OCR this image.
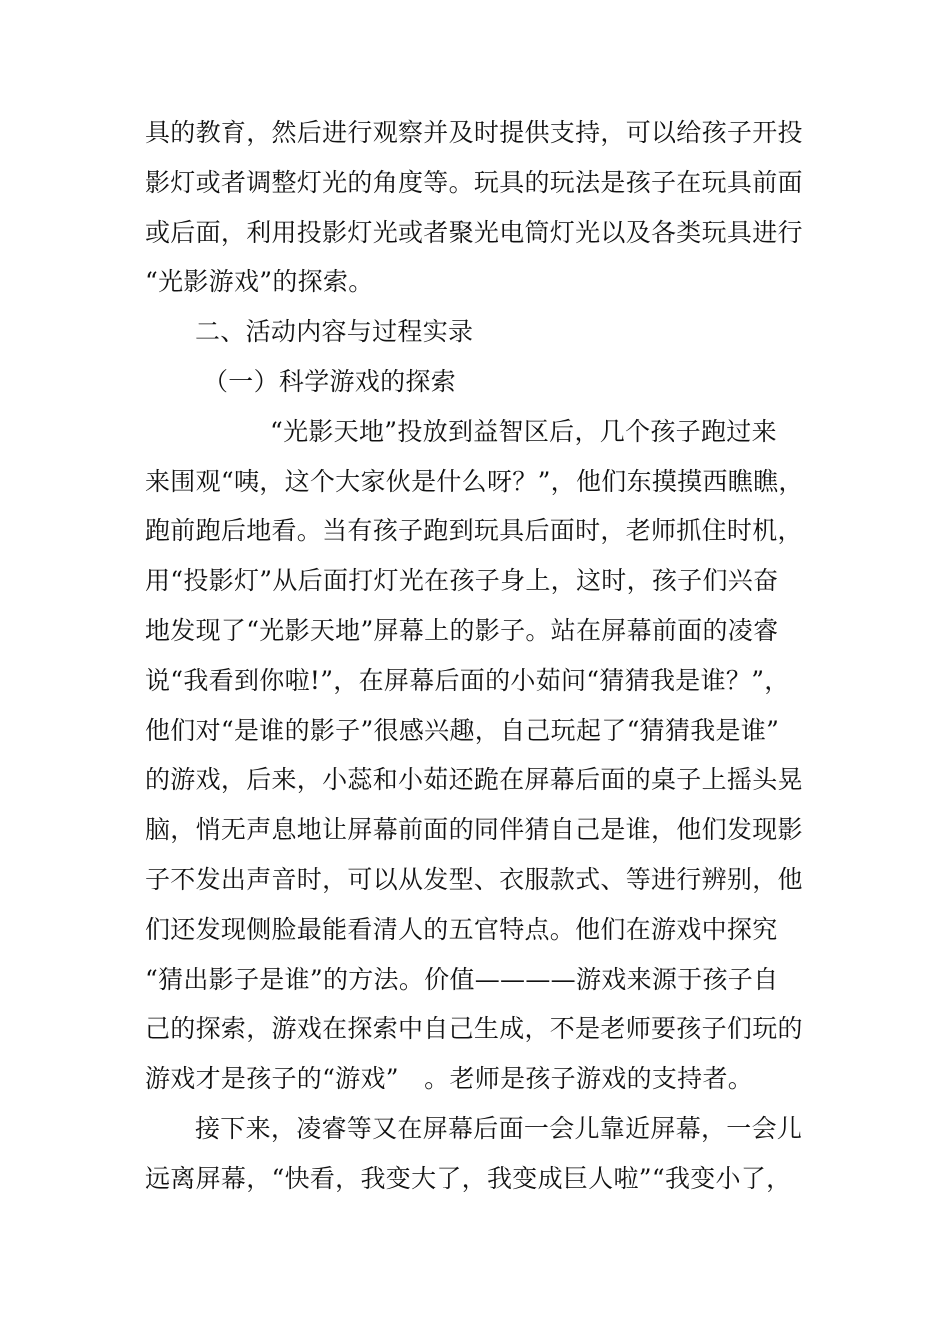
具的教育，然后进行观察并及时提供支持，可以给孩子开投
影灯或者调整灯光的角度等。玩具的玩法是孩子在玩具前面
或后面，利用投影灯光或者聚光电筒灯光以及各类玩具进行
“光影游戏”的探索。
二、活动内容与过程实录
（一）科学游戏的探索
“光影天地”投放到益智区后，几个孩子跑过来
来围观“咦，这个大家伙是什么呀？”，他们东摸摸西瞧瞧，
跑前跑后地看。当有孩子跑到玩具后面时，老师抓住时机，
用“投影灯”从后面打灯光在孩子身上，这时，孩子们兴奋
地发现了“光影天地”屏幕上的影子。站在屏幕前面的凌睿
说“我看到你啦!”，在屏幕后面的小茹问“猜猜我是谁？”，
他们对“是谁的影子”很感兴趣，自己玩起了“猜猜我是谁”
的游戏，后来，小蕊和小茹还跪在屏幕后面的桌子上摇头晃
脑，悄无声息地让屏幕前面的同伴猜自己是谁，他们发现影
子不发出声音时，可以从发型、衣服款式、等进行辨别，他
们还发现侧脸最能看清人的五官特点。他们在游戏中探究
“猜出影子是谁”的方法。价值————游戏来源于孩子自
己的探索，游戏在探索中自己生成，不是老师要孩子们玩的
游戏才是孩子的“游戏”　。老师是孩子游戏的支持者。
接下来，凌睿等又在屏幕后面一会儿靠近屏幕，一会儿
远离屏幕，“快看，我变大了，我变成巨人啦”“我变小了，
